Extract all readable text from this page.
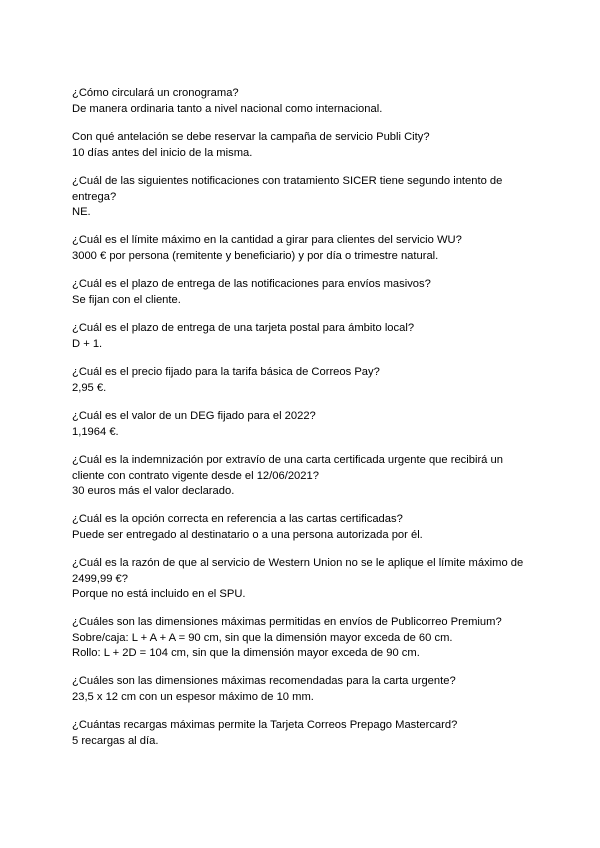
¿Cómo circulará un cronograma?
De manera ordinaria tanto a nivel nacional como internacional.
Con qué antelación se debe reservar la campaña de servicio Publi City?
10 días antes del inicio de la misma.
¿Cuál de las siguientes notificaciones con tratamiento SICER tiene segundo intento de entrega?
NE.
¿Cuál es el límite máximo en la cantidad a girar para clientes del servicio WU?
3000 € por persona (remitente y beneficiario) y por día o trimestre natural.
¿Cuál es el plazo de entrega de las notificaciones para envíos masivos?
Se fijan con el cliente.
¿Cuál es el plazo de entrega de una tarjeta postal para ámbito local?
D + 1.
¿Cuál es el precio fijado para la tarifa básica de Correos Pay?
2,95 €.
¿Cuál es el valor de un DEG fijado para el 2022?
1,1964 €.
¿Cuál es la indemnización por extravío de una carta certificada urgente que recibirá un cliente con contrato vigente desde el 12/06/2021?
30 euros más el valor declarado.
¿Cuál es la opción correcta en referencia a las cartas certificadas?
Puede ser entregado al destinatario o a una persona autorizada por él.
¿Cuál es la razón de que al servicio de Western Union no se le aplique el límite máximo de 2499,99 €?
Porque no está incluido en el SPU.
¿Cuáles son las dimensiones máximas permitidas en envíos de Publicorreo Premium?
Sobre/caja: L + A + A = 90 cm, sin que la dimensión mayor exceda de 60 cm.
Rollo: L + 2D = 104 cm, sin que la dimensión mayor exceda de 90 cm.
¿Cuáles son las dimensiones máximas recomendadas para la carta urgente?
23,5 x 12 cm con un espesor máximo de 10 mm.
¿Cuántas recargas máximas permite la Tarjeta Correos Prepago Mastercard?
5 recargas al día.
